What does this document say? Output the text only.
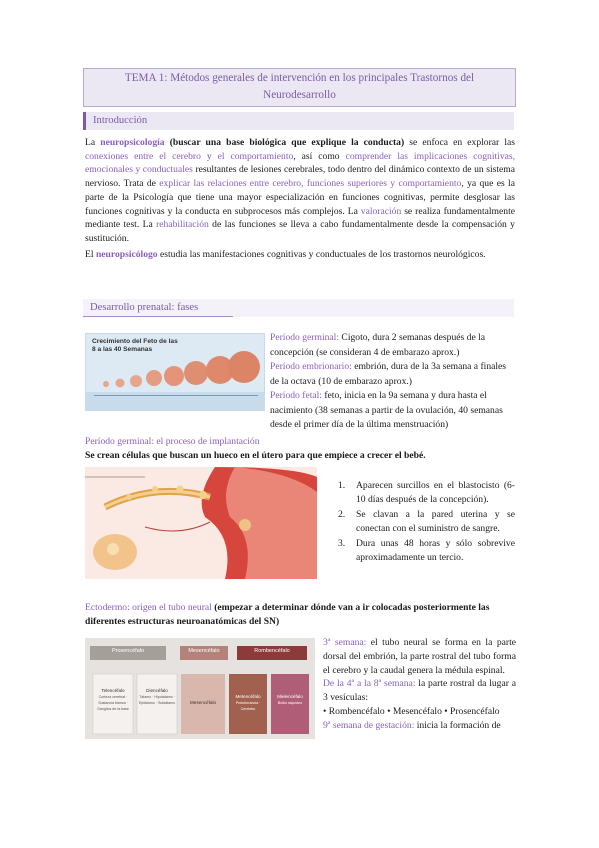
TEMA 1: Métodos generales de intervención en los principales Trastornos del
Neurodesarrollo
Introducción
La neuropsicología (buscar una base biológica que explique la conducta) se enfoca en explorar las conexiones entre el cerebro y el comportamiento, así como comprender las implicaciones cognitivas, emocionales y conductuales resultantes de lesiones cerebrales, todo dentro del dinámico contexto de un sistema nervioso. Trata de explicar las relaciones entre cerebro, funciones superiores y comportamiento, ya que es la parte de la Psicología que tiene una mayor especialización en funciones cognitivas, permite desglosar las funciones cognitivas y la conducta en subprocesos más complejos. La valoración se realiza fundamentalmente mediante test. La rehabilitación de las funciones se lleva a cabo fundamentalmente desde la compensación y sustitución.
El neuropsicólogo estudia las manifestaciones cognitivas y conductuales de los trastornos neurológicos.
Desarrollo prenatal: fases
Crecimiento del Feto de las 8 a las 40 Semanas
Período germinal: Cigoto, dura 2 semanas después de la concepción (se consideran 4 de embarazo aprox.)
Período embrionario: embrión, dura de la 3a semana a finales de la octava (10 de embarazo aprox.)
Período fetal: feto, inicia en la 9a semana y dura hasta el nacimiento (38 semanas a partir de la ovulación, 40 semanas desde el primer día de la última menstruación)
Período germinal: el proceso de implantación
Se crean células que buscan un hueco en el útero para que empiece a crecer el bebé.
1. Aparecen surcillos en el blastocisto (6-10 días después de la concepción).
2. Se clavan a la pared uterina y se conectan con el suministro de sangre.
3. Dura unas 48 horas y sólo sobrevive aproximadamente un tercio.
Ectodermo: origen el tubo neural (empezar a determinar dónde van a ir colocadas posteriormente las diferentes estructuras neuroanatómicas del SN)
Prosencéfalo	Mesencéfalo	Rombencéfalo
Telencéfalo
Corteza cerebral · Sustancia blanca · Ganglios de la base
Diencéfalo
Tálamo · Hipotálamo · Epitálamo · Subtálamo	Mesencéfalo
Metencéfalo
Protuberancia · Cerebelo
Mielencéfalo
Bulbo raquídeo
3ª semana: el tubo neural se forma en la parte dorsal del embrión, la parte rostral del tubo forma el cerebro y la caudal genera la médula espinal.
De la 4ª a la 8ª semana: la parte rostral da lugar a 3 vesículas:
• Rombencéfalo • Mesencéfalo • Prosencéfalo
9ª semana de gestación: inicia la formación de
